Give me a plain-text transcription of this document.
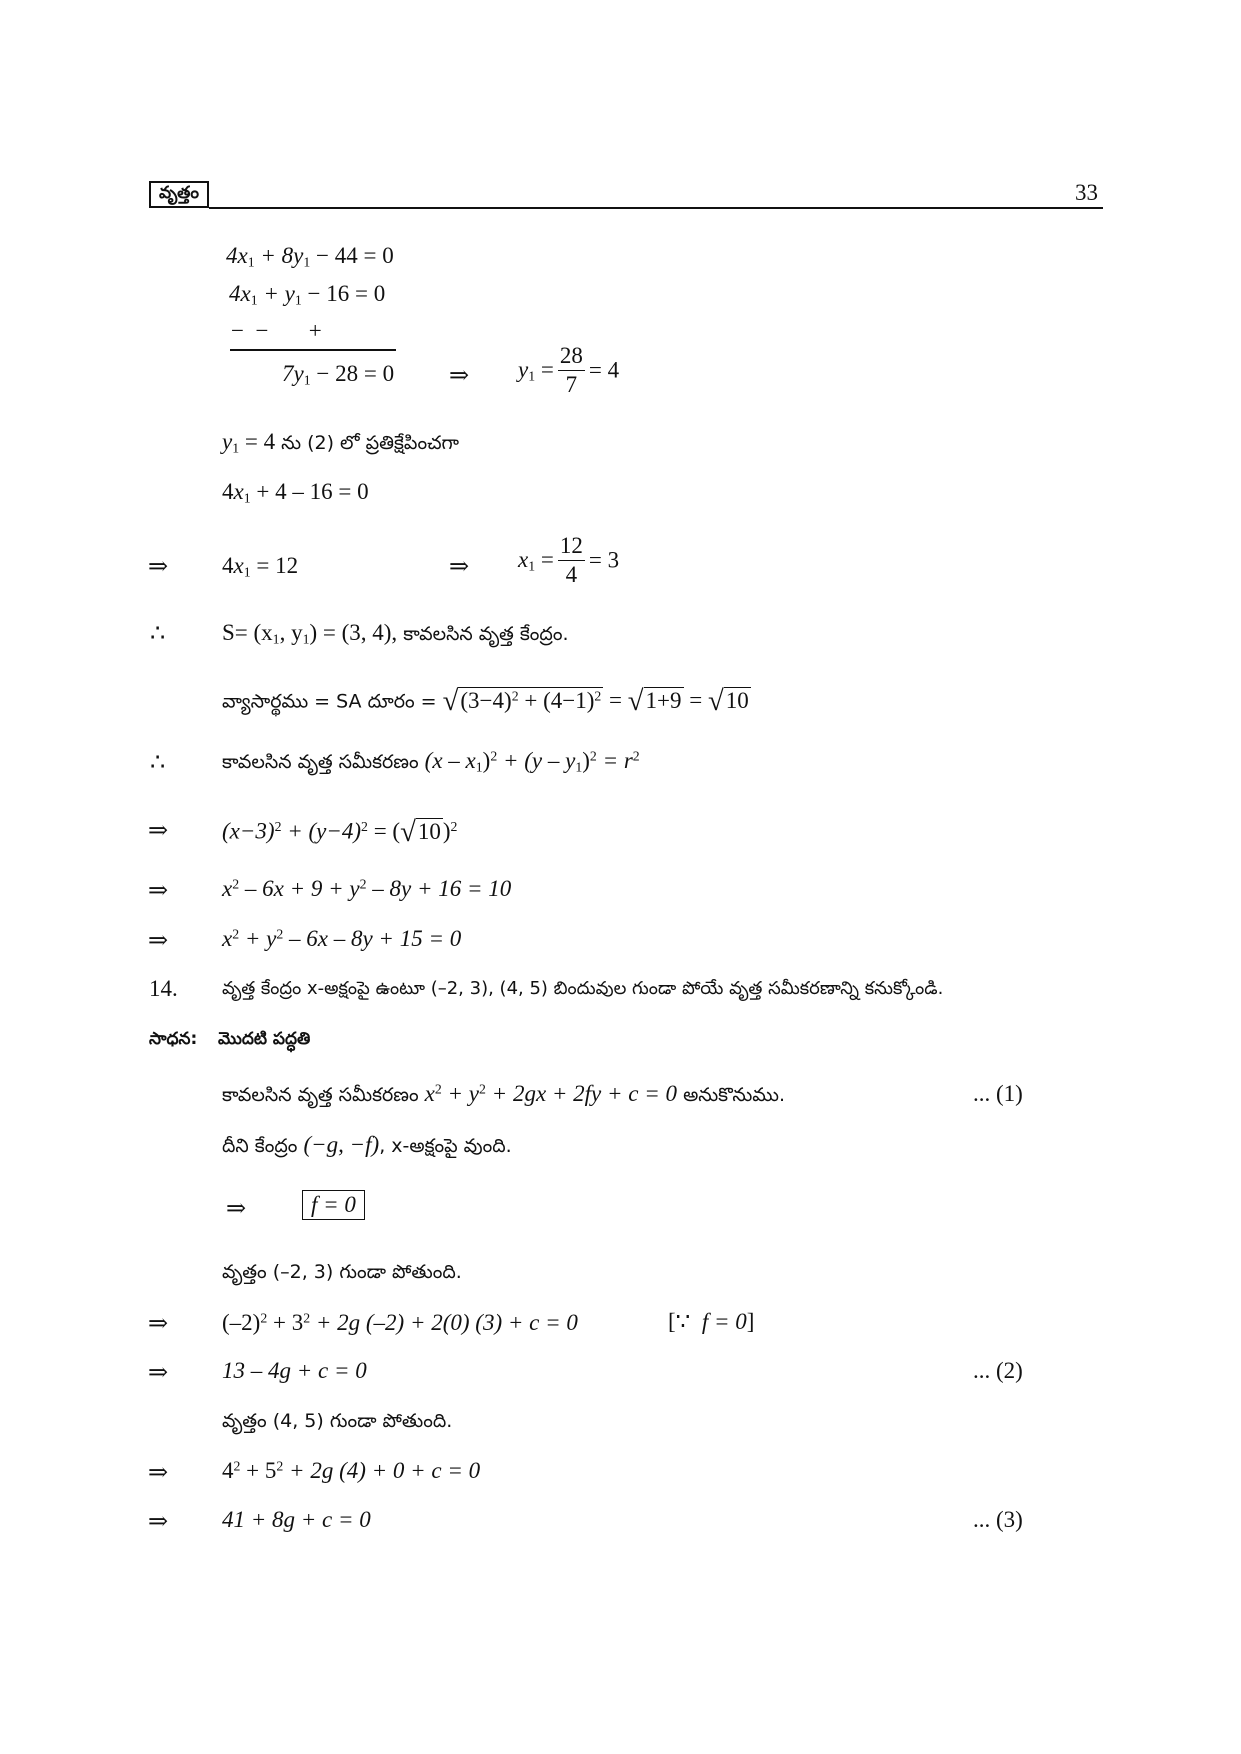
వృత్తం	33
$4x_1 + 8y_1 - 44 = 0$
$4x_1 + y_1 - 16 = 0$
−  −       +
$7y_1 - 28 = 0$ ⇒ $y_1 = \frac{28}{7} = 4$
$y_1 = 4$ ను (2) లో ప్రతిక్షేపించగా
$4x_1 + 4 - 16 = 0$
⇒ $4x_1 = 12$	⇒ $x_1 = \frac{12}{4} = 3$
∴ $S= (x_1$, $y_1) = (3$, 4), కావలసిన వృత్త కేంద్రం.
వ్యాసార్థము = SA దూరం = $√(3-4)^2 + (4-1)^2 = √1+9 = √10$
∴	కావలసిన వృత్త సమీకరణం $(x - x_1)^2 + (y - y_1)^2 = r^2$
⇒ $(x-3)^2 + (y-4)^2 = (√10)^2$
⇒ $x^2 - 6x + 9 + y^2 - 8y + 16 = 10$
⇒ $x^2 + y^2 - 6x - 8y + 15 = 0$
14. వృత్త కేంద్రం x-అక్షంపై ఉంటూ (–2, 3), (4, 5) బిందువుల గుండా పోయే వృత్త సమీకరణాన్ని కనుక్కోండి.
సాధన: మొదటి పద్ధతి
కావలసిన వృత్త సమీకరణం $x^2 + y^2 + 2gx + 2fy + c = 0$ అనుకొనుము.	... (1)
దీని కేంద్రం (−g, −f), x-అక్షంపై వుంది.
⇒	f = 0
వృత్తం (–2, 3) గుండా పోతుంది.
⇒ $(-2)^2 + 3^2 + 2g$ (–2) + 2(0) (3) + c = 0	[∵ f = 0]
⇒ 13 – 4g + c = 0	... (2)
వృత్తం (4, 5) గుండా పోతుంది.
⇒ $4^2 + 5^2 + 2g$ (4) + 0 + c = 0
⇒ 41 + 8g + c = 0	... (3)
